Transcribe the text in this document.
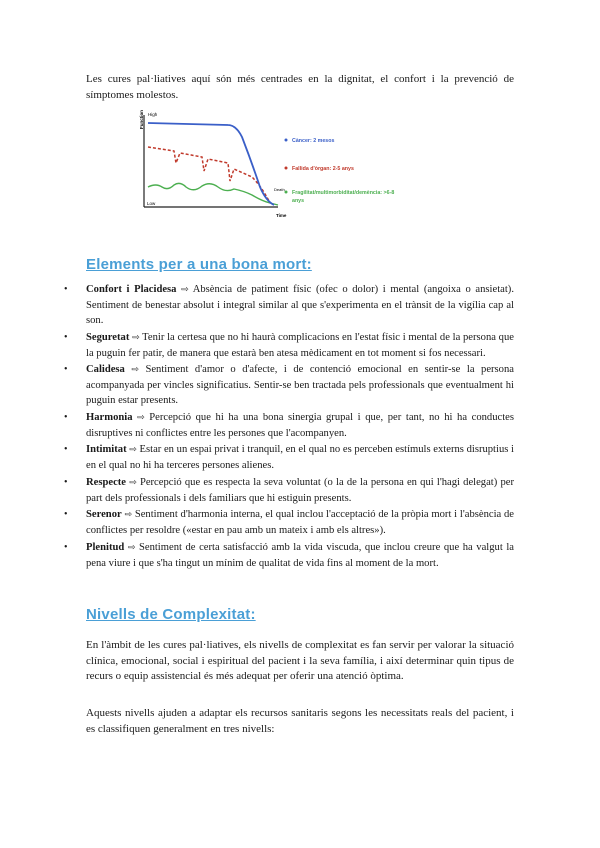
Les cures pal·liatives aquí són més centrades en la dignitat, el confort i la prevenció de símptomes molestos.

Function High
Low
Time
Death
Càncer: 2 mesos
Fallida d'òrgan: 2-5 anys
Fragilitat/multimorbiditat/demència: >6-8
anys
Elements per a una bona mort:
• Confort i Placidesa ⇨ Absència de patiment físic (ofec o dolor) i mental (angoixa o ansietat). Sentiment de benestar absolut i integral similar al que s'experimenta en el trànsit de la vigília cap al son.
• Seguretat ⇨ Tenir la certesa que no hi haurà complicacions en l'estat físic i mental de la persona que la puguin fer patir, de manera que estarà ben atesa mèdicament en tot moment si fos necessari.
• Calidesa ⇨ Sentiment d'amor o d'afecte, i de contenció emocional en sentir-se la persona acompanyada per vincles significatius. Sentir-se ben tractada pels professionals que eventualment hi puguin estar presents.
• Harmonia ⇨ Percepció que hi ha una bona sinergia grupal i que, per tant, no hi ha conductes disruptives ni conflictes entre les persones que l'acompanyen.
• Intimitat ⇨ Estar en un espai privat i tranquil, en el qual no es perceben estímuls externs disruptius i en el qual no hi ha terceres persones alienes.
• Respecte ⇨ Percepció que es respecta la seva voluntat (o la de la persona en qui l'hagi delegat) per part dels professionals i dels familiars que hi estiguin presents.
• Serenor ⇨ Sentiment d'harmonia interna, el qual inclou l'acceptació de la pròpia mort i l'absència de conflictes per resoldre («estar en pau amb un mateix i amb els altres»).
• Plenitud ⇨ Sentiment de certa satisfacció amb la vida viscuda, que inclou creure que ha valgut la pena viure i que s'ha tingut un mínim de qualitat de vida fins al moment de la mort.
Nivells de Complexitat:

En l'àmbit de les cures pal·liatives, els nivells de complexitat es fan servir per valorar la situació clínica, emocional, social i espiritual del pacient i la seva família, i així determinar quin tipus de recurs o equip assistencial és més adequat per oferir una atenció òptima.

Aquests nivells ajuden a adaptar els recursos sanitaris segons les necessitats reals del pacient, i es classifiquen generalment en tres nivells:
